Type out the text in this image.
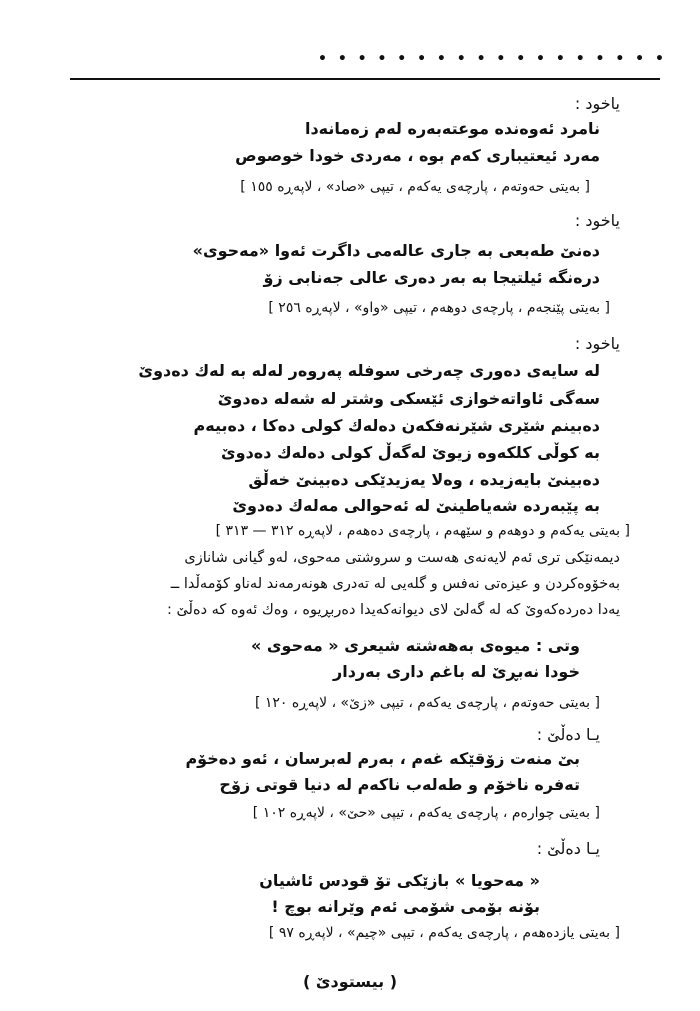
• • • • • • • • • • • • • • • • • •
ياخود :
نامرد ئەوەندە موعتەبەرە لەم زەمانەدا
مەرد ئیعتیباری کەم بوە ، مەردی خودا خوصوص
[ بەیتی حەوتەم ، پارچەی یەکەم ، تیپی «صاد» ، لاپەڕە ١٥٥ ]
ياخود :
دەنێ طەبعی بە جاری عالەمی داگرت ئەوا «مەحوی»
درەنگە ئیلتیجا بە بەر دەری عالی جەنابی زۆ
[ بەیتی پێنجەم ، پارچەی دوهەم ، تیپی «واو» ، لاپەڕە ٢٥٦ ]
ياخود :
لە سایەی دەوری چەرخی سوفلە پەروەر لەلە بە لەك دەدوێ
سەگی ئاواتەخوازی ئێسکی وشتر لە شەلە دەدوێ
دەبینم شێری شێرنەفکەن دەلەك کولی دەکا ، دەبیەم
بە کوڵی کلکەوە زیوێ لەگەڵ کولی دەلەك دەدوێ
دەبینێ بایەزیدە ، وەلا یەزیدێکی دەبینێ خەڵق
بە پێبەردە شەیاطینێ لە ئەحوالی مەلەك دەدوێ
[ بەیتی یەکەم و دوهەم و سێهەم ، پارچەی دەهەم ، لاپەڕە ٣١٢ — ٣١٣ ]
دیمەنێکی تری ئەم لایەنەی هەست و سروشتی مەحوی، لەو گیانی شانازی
بەخۆوەکردن و عیزەتی نەفس و گلەیی لە تەدری هونەرمەند لەناو کۆمەڵدا ــ
یەدا دەردەکەوێ کە لە گەلێ لای دیوانەکەیدا دەربڕیوە ، وەك ئەوە کە دەڵێ :
وتی : میوەی بەهەشتە شیعری « مەحوی »
خودا نەبڕێ لە باغم داری بەردار
[ بەیتی حەوتەم ، پارچەی یەکەم ، تیپی «زێ» ، لاپەڕە ١٢٠ ]
يـا دەڵێ :
بێ منەت زۆقێکە غەم ، بەرم لەبرسان ، ئەو دەخۆم
تەفرە ناخۆم و طەلەب ناکەم لە دنیا قوتی زۆح
[ بەیتی چوارەم ، پارچەی یەکەم ، تیپی «حێ» ، لاپەڕە ١٠٢ ]
يـا دەڵێ :
« مەحویا » بازێکی تۆ قودس ئاشیان
بۆنە بۆمی شۆمی ئەم وێرانە بوچ !
[ بەیتی یازدەهەم ، پارچەی یەکەم ، تیپی «چیم» ، لاپەڕە ٩٧ ]
( بیستودێ )
